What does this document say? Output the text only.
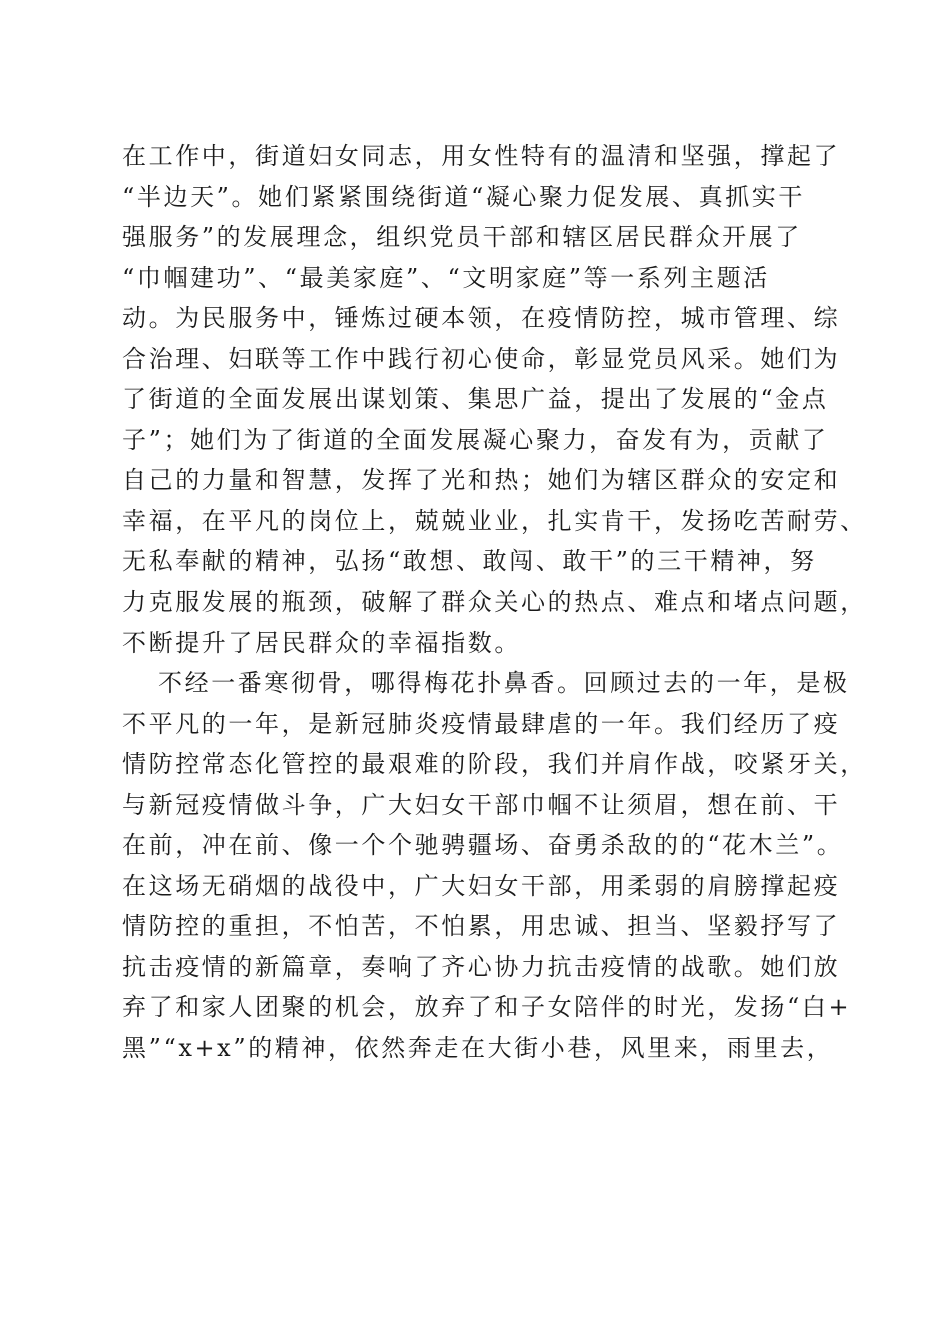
在工作中，街道妇女同志，用女性特有的温清和坚强，撑起了
“半边天”。她们紧紧围绕街道“凝心聚力促发展、真抓实干
强服务”的发展理念，组织党员干部和辖区居民群众开展了
“巾帼建功”、“最美家庭”、“文明家庭”等一系列主题活
动。为民服务中，锤炼过硬本领，在疫情防控，城市管理、综
合治理、妇联等工作中践行初心使命，彰显党员风采。她们为
了街道的全面发展出谋划策、集思广益，提出了发展的“金点
子”；她们为了街道的全面发展凝心聚力，奋发有为，贡献了
自己的力量和智慧，发挥了光和热；她们为辖区群众的安定和
幸福，在平凡的岗位上，兢兢业业，扎实肯干，发扬吃苦耐劳、
无私奉献的精神，弘扬“敢想、敢闯、敢干”的三干精神，努
力克服发展的瓶颈，破解了群众关心的热点、难点和堵点问题，
不断提升了居民群众的幸福指数。
不经一番寒彻骨，哪得梅花扑鼻香。回顾过去的一年，是极
不平凡的一年，是新冠肺炎疫情最肆虐的一年。我们经历了疫
情防控常态化管控的最艰难的阶段，我们并肩作战，咬紧牙关，
与新冠疫情做斗争，广大妇女干部巾帼不让须眉，想在前、干
在前，冲在前、像一个个驰骋疆场、奋勇杀敌的的“花木兰”。
在这场无硝烟的战役中，广大妇女干部，用柔弱的肩膀撑起疫
情防控的重担，不怕苦，不怕累，用忠诚、担当、坚毅抒写了
抗击疫情的新篇章，奏响了齐心协力抗击疫情的战歌。她们放
弃了和家人团聚的机会，放弃了和子女陪伴的时光，发扬“白+
黑”“x+x”的精神，依然奔走在大街小巷，风里来，雨里去，
